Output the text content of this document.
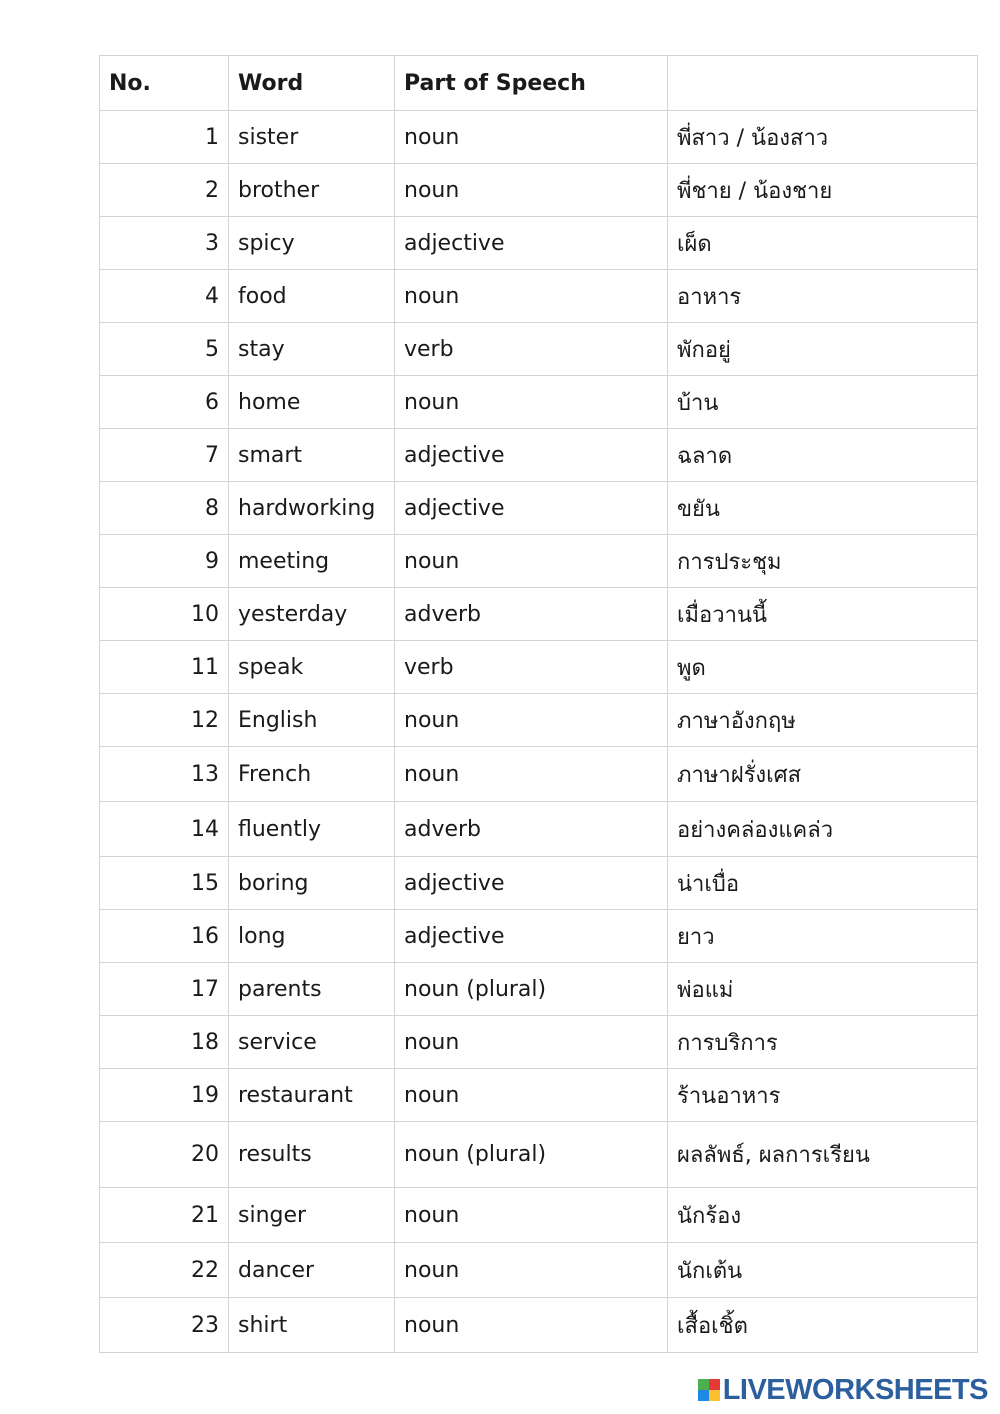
No.	Word	Part of Speech	
1	sister	noun	พี่สาว / น้องสาว
2	brother	noun	พี่ชาย / น้องชาย
3	spicy	adjective	เผ็ด
4	food	noun	อาหาร
5	stay	verb	พักอยู่
6	home	noun	บ้าน
7	smart	adjective	ฉลาด
8	hardworking	adjective	ขยัน
9	meeting	noun	การประชุม
10	yesterday	adverb	เมื่อวานนี้
11	speak	verb	พูด
12	English	noun	ภาษาอังกฤษ
13	French	noun	ภาษาฝรั่งเศส
14	fluently	adverb	อย่างคล่องแคล่ว
15	boring	adjective	น่าเบื่อ
16	long	adjective	ยาว
17	parents	noun (plural)	พ่อแม่
18	service	noun	การบริการ
19	restaurant	noun	ร้านอาหาร
20	results	noun (plural)	ผลลัพธ์, ผลการเรียน
21	singer	noun	นักร้อง
22	dancer	noun	นักเต้น
23	shirt	noun	เสื้อเชิ้ต
LIVEWORKSHEETS
